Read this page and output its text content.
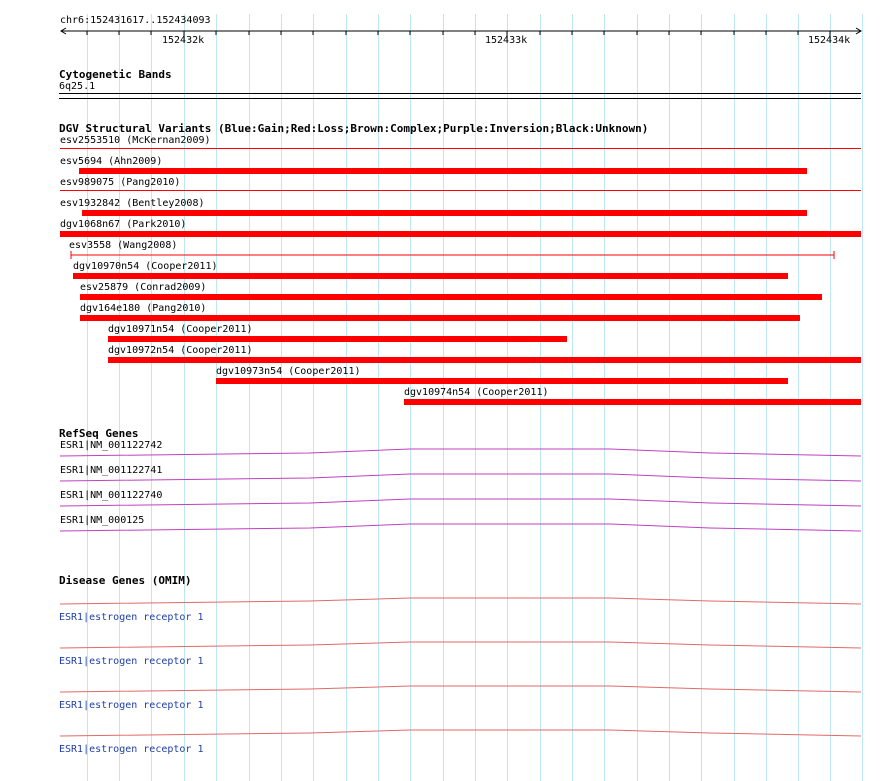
chr6:152431617..152434093
152432k	152433k	152434k
Cytogenetic Bands
6q25.1
DGV Structural Variants (Blue:Gain;Red:Loss;Brown:Complex;Purple:Inversion;Black:Unknown)
esv2553510 (McKernan2009)
esv5694 (Ahn2009)
esv989075 (Pang2010)
esv1932842 (Bentley2008)
dgv1068n67 (Park2010)
esv3558 (Wang2008)
dgv10970n54 (Cooper2011)
esv25879 (Conrad2009)
dgv164e180 (Pang2010)
dgv10971n54 (Cooper2011)
dgv10972n54 (Cooper2011)
dgv10973n54 (Cooper2011)
dgv10974n54 (Cooper2011)
RefSeq Genes
ESR1|NM_001122742
ESR1|NM_001122741
ESR1|NM_001122740
ESR1|NM_000125
Disease Genes (OMIM)
ESR1|estrogen receptor 1
ESR1|estrogen receptor 1
ESR1|estrogen receptor 1
ESR1|estrogen receptor 1
